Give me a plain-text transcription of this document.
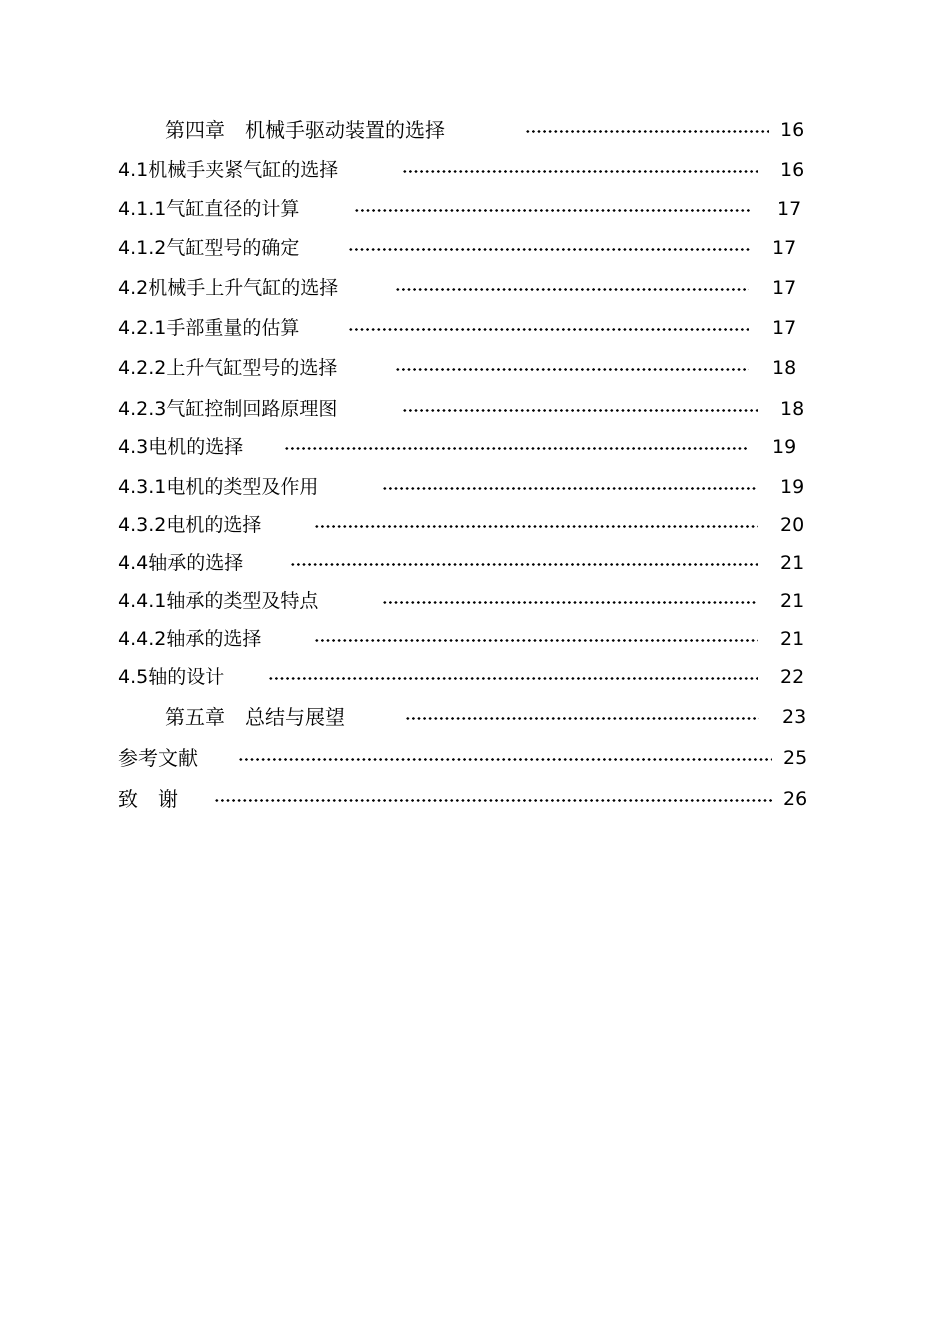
第四章　机械手驱动装置的选择	16
4.1机械手夹紧气缸的选择	16
4.1.1气缸直径的计算	17
4.1.2气缸型号的确定	17
4.2机械手上升气缸的选择	17
4.2.1手部重量的估算	17
4.2.2上升气缸型号的选择	18
4.2.3气缸控制回路原理图	18
4.3电机的选择	19
4.3.1电机的类型及作用	19
4.3.2电机的选择	20
4.4轴承的选择	21
4.4.1轴承的类型及特点	21
4.4.2轴承的选择	21
4.5轴的设计	22
第五章　总结与展望	23
参考文献	25
致　谢	26
